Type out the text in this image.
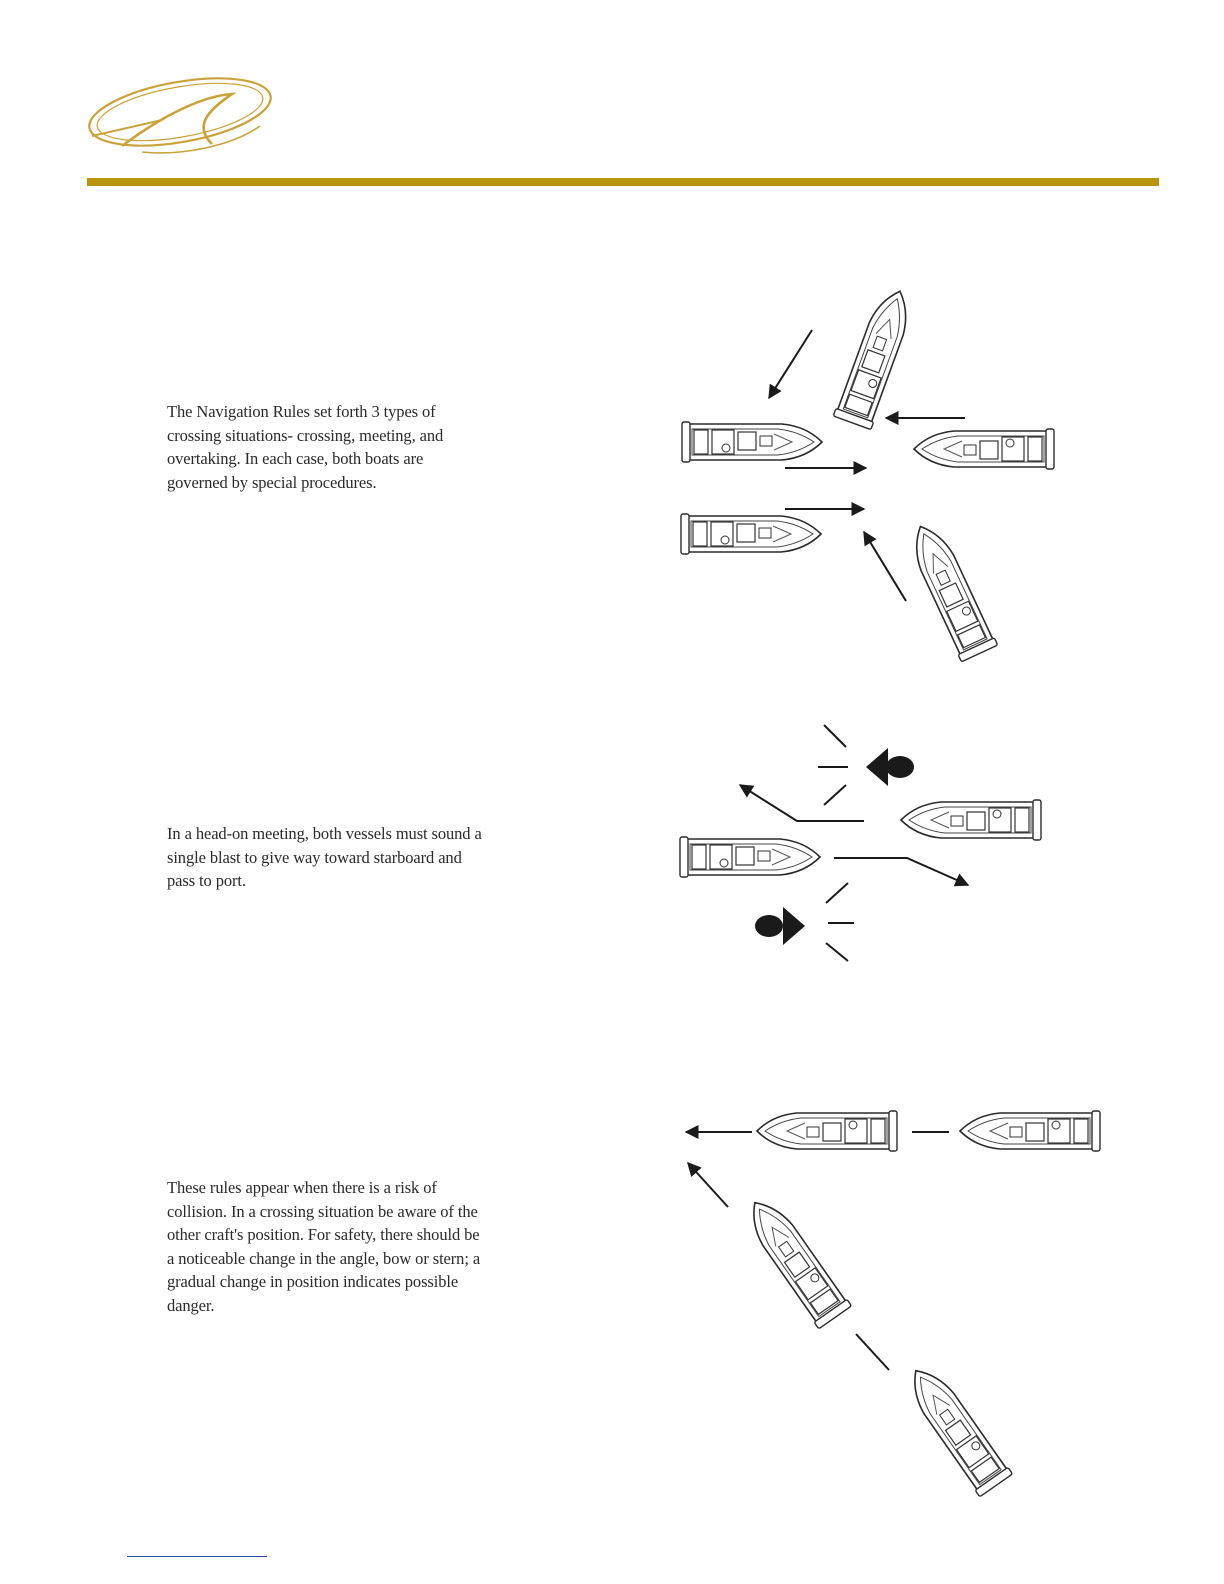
The Navigation Rules set forth 3 types of crossing situations- crossing, meeting, and overtaking. In each case, both boats are governed by special procedures.

In a head-on meeting, both vessels must sound a single blast to give way toward starboard and pass to port.

These rules appear when there is a risk of collision. In a crossing situation be aware of the other craft's position. For safety, there should be a noticeable change in the angle, bow or stern; a gradual change in position indicates possible danger.
